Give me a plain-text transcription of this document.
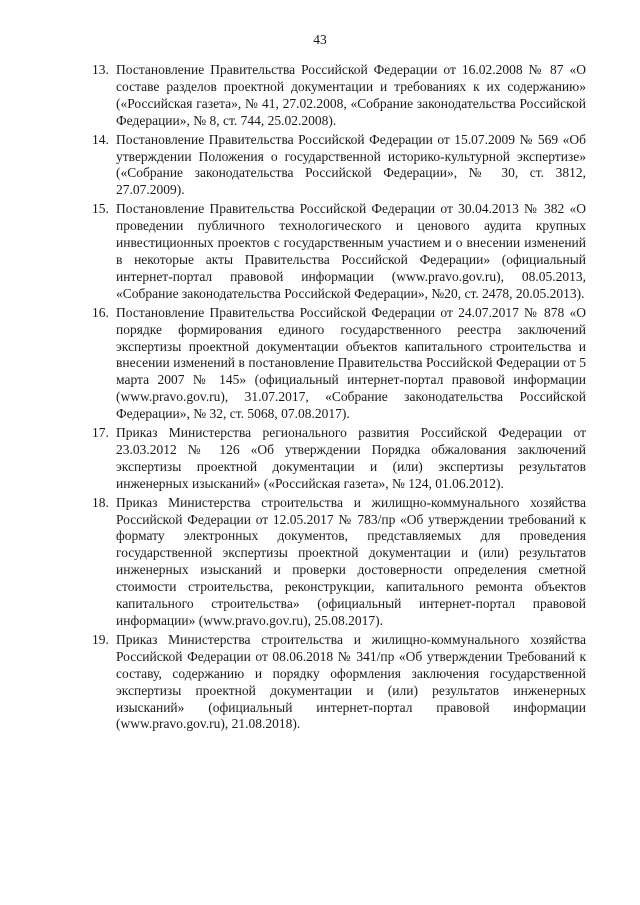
43
13. Постановление Правительства Российской Федерации от 16.02.2008 № 87 «О составе разделов проектной документации и требованиях к их содержанию» («Российская газета», № 41, 27.02.2008, «Собрание законодательства Российской Федерации», № 8, ст. 744, 25.02.2008).
14. Постановление Правительства Российской Федерации от 15.07.2009 № 569 «Об утверждении Положения о государственной историко-культурной экспертизе» («Собрание законодательства Российской Федерации», № 30, ст. 3812, 27.07.2009).
15. Постановление Правительства Российской Федерации от 30.04.2013 № 382 «О проведении публичного технологического и ценового аудита крупных инвестиционных проектов с государственным участием и о внесении изменений в некоторые акты Правительства Российской Федерации» (официальный интернет-портал правовой информации (www.pravo.gov.ru), 08.05.2013, «Собрание законодательства Российской Федерации», №20, ст. 2478, 20.05.2013).
16. Постановление Правительства Российской Федерации от 24.07.2017 № 878 «О порядке формирования единого государственного реестра заключений экспертизы проектной документации объектов капитального строительства и внесении изменений в постановление Правительства Российской Федерации от 5 марта 2007 № 145» (официальный интернет-портал правовой информации (www.pravo.gov.ru), 31.07.2017, «Собрание законодательства Российской Федерации», № 32, ст. 5068, 07.08.2017).
17. Приказ Министерства регионального развития Российской Федерации от 23.03.2012 № 126 «Об утверждении Порядка обжалования заключений экспертизы проектной документации и (или) экспертизы результатов инженерных изысканий» («Российская газета», № 124, 01.06.2012).
18. Приказ Министерства строительства и жилищно-коммунального хозяйства Российской Федерации от 12.05.2017 № 783/пр «Об утверждении требований к формату электронных документов, представляемых для проведения государственной экспертизы проектной документации и (или) результатов инженерных изысканий и проверки достоверности определения сметной стоимости строительства, реконструкции, капитального ремонта объектов капитального строительства» (официальный интернет-портал правовой информации» (www.pravo.gov.ru), 25.08.2017).
19. Приказ Министерства строительства и жилищно-коммунального хозяйства Российской Федерации от 08.06.2018 № 341/пр «Об утверждении Требований к составу, содержанию и порядку оформления заключения государственной экспертизы проектной документации и (или) результатов инженерных изысканий» (официальный интернет-портал правовой информации (www.pravo.gov.ru), 21.08.2018).
